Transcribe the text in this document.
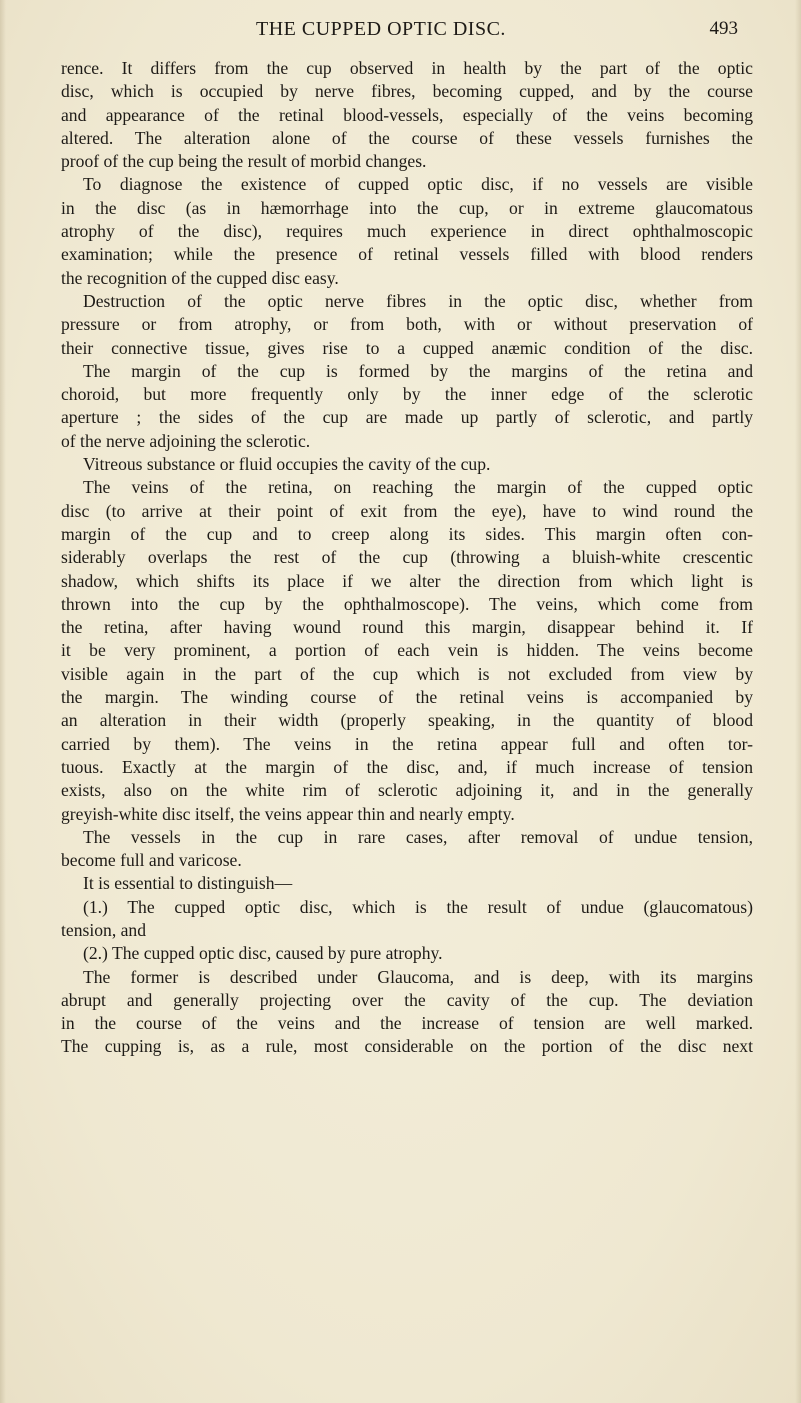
THE CUPPED OPTIC DISC.	493
rence. It differs from the cup observed in health by the part of the optic
disc, which is occupied by nerve fibres, becoming cupped, and by the course
and appearance of the retinal blood-vessels, especially of the veins becoming
altered. The alteration alone of the course of these vessels furnishes the
proof of the cup being the result of morbid changes.
To diagnose the existence of cupped optic disc, if no vessels are visible
in the disc (as in hæmorrhage into the cup, or in extreme glaucomatous
atrophy of the disc), requires much experience in direct ophthalmoscopic
examination; while the presence of retinal vessels filled with blood renders
the recognition of the cupped disc easy.
Destruction of the optic nerve fibres in the optic disc, whether from
pressure or from atrophy, or from both, with or without preservation of
their connective tissue, gives rise to a cupped anæmic condition of the disc.
The margin of the cup is formed by the margins of the retina and
choroid, but more frequently only by the inner edge of the sclerotic
aperture ; the sides of the cup are made up partly of sclerotic, and partly
of the nerve adjoining the sclerotic.
Vitreous substance or fluid occupies the cavity of the cup.
The veins of the retina, on reaching the margin of the cupped optic
disc (to arrive at their point of exit from the eye), have to wind round the
margin of the cup and to creep along its sides. This margin often con-
siderably overlaps the rest of the cup (throwing a bluish-white crescentic
shadow, which shifts its place if we alter the direction from which light is
thrown into the cup by the ophthalmoscope). The veins, which come from
the retina, after having wound round this margin, disappear behind it. If
it be very prominent, a portion of each vein is hidden. The veins become
visible again in the part of the cup which is not excluded from view by
the margin. The winding course of the retinal veins is accompanied by
an alteration in their width (properly speaking, in the quantity of blood
carried by them). The veins in the retina appear full and often tor-
tuous. Exactly at the margin of the disc, and, if much increase of tension
exists, also on the white rim of sclerotic adjoining it, and in the generally
greyish-white disc itself, the veins appear thin and nearly empty.
The vessels in the cup in rare cases, after removal of undue tension,
become full and varicose.
It is essential to distinguish—
(1.) The cupped optic disc, which is the result of undue (glaucomatous)
tension, and
(2.) The cupped optic disc, caused by pure atrophy.
The former is described under Glaucoma, and is deep, with its margins
abrupt and generally projecting over the cavity of the cup. The deviation
in the course of the veins and the increase of tension are well marked.
The cupping is, as a rule, most considerable on the portion of the disc next
